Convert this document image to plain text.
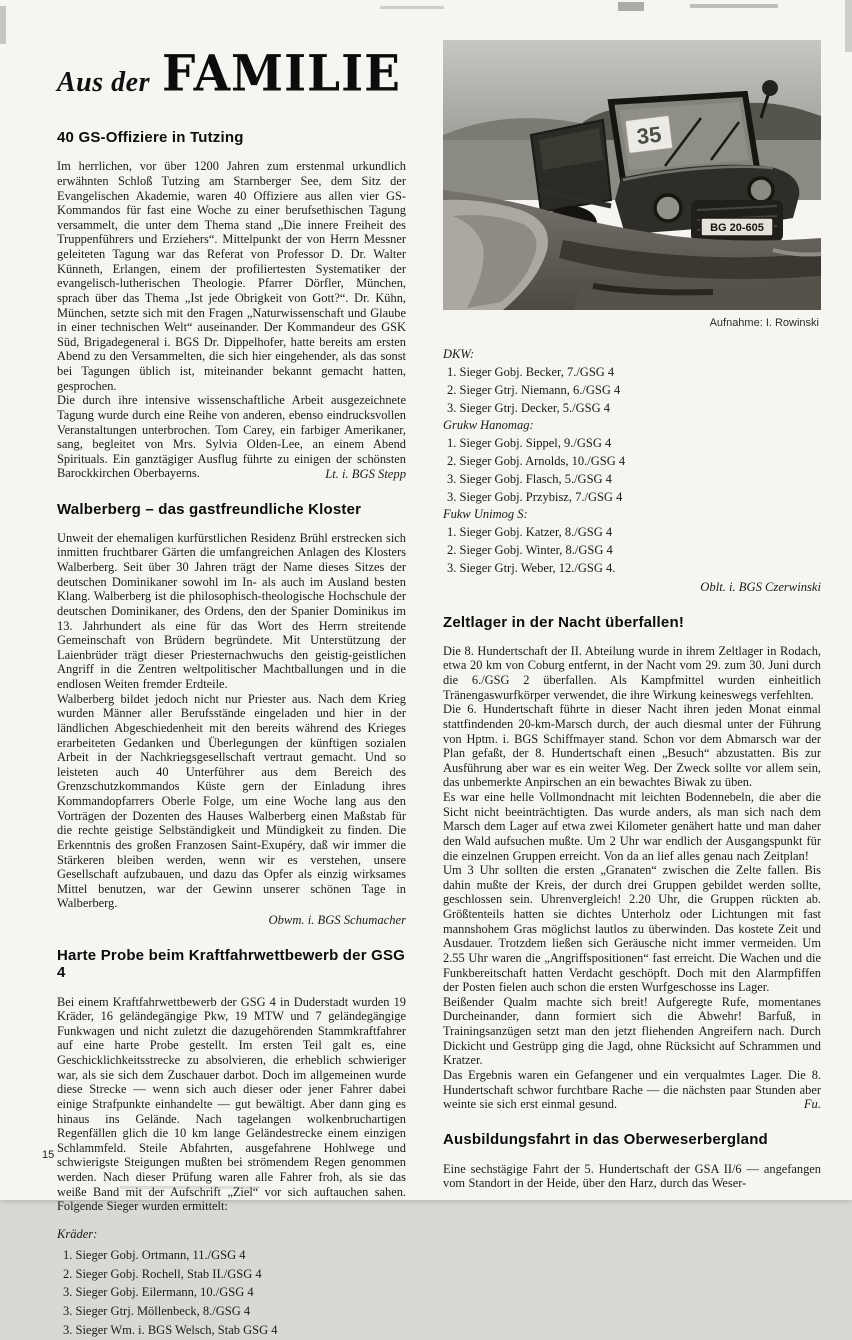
Aus der FAMILIE
40 GS-Offiziere in Tutzing

Im herrlichen, vor über 1200 Jahren zum erstenmal urkundlich erwähnten Schloß Tutzing am Starnberger See, dem Sitz der Evangelischen Akademie, waren 40 Offiziere aus allen vier GS-Kommandos für fast eine Woche zu einer berufsethischen Tagung versammelt, die unter dem Thema stand „Die innere Freiheit des Truppenführers und Erziehers“. Mittelpunkt der von Herrn Messner geleiteten Tagung war das Referat von Professor D. Dr. Walter Künneth, Erlangen, einem der profiliertesten Systematiker der evangelisch-lutherischen Theologie. Pfarrer Dörfler, München, sprach über das Thema „Ist jede Obrigkeit von Gott?“. Dr. Kühn, München, setzte sich mit den Fragen „Naturwissenschaft und Glaube in einer technischen Welt“ auseinander. Der Kommandeur des GSK Süd, Brigadegeneral i. BGS Dr. Dippelhofer, hatte bereits am ersten Abend zu den Versammelten, die sich hier eingehender, als das sonst bei Tagungen üblich ist, miteinander bekannt gemacht hatten, gesprochen.

Die durch ihre intensive wissenschaftliche Arbeit ausgezeichnete Tagung wurde durch eine Reihe von anderen, ebenso eindrucksvollen Veranstaltungen unterbrochen. Tom Carey, ein farbiger Amerikaner, sang, begleitet von Mrs. Sylvia Olden-Lee, an einem Abend Spirituals. Ein ganztägiger Ausflug führte zu einigen der schönsten Barockkirchen Oberbayerns.	Lt. i. BGS Stepp
Walberberg – das gastfreundliche Kloster

Unweit der ehemaligen kurfürstlichen Residenz Brühl erstrecken sich inmitten fruchtbarer Gärten die umfangreichen Anlagen des Klosters Walberberg. Seit über 30 Jahren trägt der Name dieses Sitzes der deutschen Dominikaner sowohl im In- als auch im Ausland besten Klang. Walberberg ist die philosophisch-theologische Hochschule der deutschen Dominikaner, des Ordens, den der Spanier Dominikus im 13. Jahrhundert als eine für das Wort des Herrn streitende Gemeinschaft von Brüdern begründete. Mit Unterstützung der Laienbrüder trägt dieser Priesternachwuchs den geistig-geistlichen Angriff in die Zentren weltpolitischer Machtballungen und in die endlosen Weiten fremder Erdteile.

Walberberg bildet jedoch nicht nur Priester aus. Nach dem Krieg wurden Männer aller Berufsstände eingeladen und hier in der ländlichen Abgeschiedenheit mit den bereits während des Krieges erarbeiteten Gedanken und Überlegungen der künftigen sozialen Arbeit in der Nachkriegsgesellschaft vertraut gemacht. Und so leisteten auch 40 Unterführer aus dem Bereich des Grenzschutzkommandos Küste gern der Einladung ihres Kommandopfarrers Oberle Folge, um eine Woche lang aus den Vorträgen der Dozenten des Hauses Walberberg einen Maßstab für die rechte geistige Selbständigkeit und Mündigkeit zu finden. Die Erkenntnis des großen Franzosen Saint-Exupéry, daß wir immer die Stärkeren bleiben werden, wenn wir es verstehen, unsere Gesellschaft aufzubauen, und dazu das Opfer als einzig wirksames Mittel benutzen, war der Gewinn unserer schönen Tage in Walberberg.

Obwm. i. BGS Schumacher
Harte Probe beim Kraftfahrwettbewerb der GSG 4

Bei einem Kraftfahrwettbewerb der GSG 4 in Duderstadt wurden 19 Kräder, 16 geländegängige Pkw, 19 MTW und 7 geländegängige Funkwagen und nicht zuletzt die dazugehörenden Stammkraftfahrer auf eine harte Probe gestellt. Im ersten Teil galt es, eine Geschicklichkeitsstrecke zu absolvieren, die erheblich schwieriger war, als sie sich dem Zuschauer darbot. Doch im allgemeinen wurde diese Strecke — wenn sich auch dieser oder jener Fahrer dabei einige Strafpunkte einhandelte — gut bewältigt. Aber dann ging es hinaus ins Gelände. Nach tagelangen wolkenbruchartigen Regenfällen glich die 10 km lange Geländestrecke einem einzigen Schlammfeld. Steile Abfahrten, ausgefahrene Hohlwege und schwierigste Steigungen mußten bei strömendem Regen genommen werden. Nach dieser Prüfung waren alle Fahrer froh, als sie das weiße Band mit der Aufschrift „Ziel“ vor sich auftauchen sahen. Folgende Sieger wurden ermittelt:

Kräder:
1. Sieger Gobj. Ortmann, 11./GSG 4
2. Sieger Gobj. Rochell, Stab II./GSG 4
3. Sieger Gobj. Eilermann, 10./GSG 4
3. Sieger Gtrj. Möllenbeck, 8./GSG 4
3. Sieger Wm. i. BGS Welsch, Stab GSG 4
35
BG 20-605
Aufnahme: I. Rowinski
DKW:
1. Sieger Gobj. Becker, 7./GSG 4
2. Sieger Gtrj. Niemann, 6./GSG 4
3. Sieger Gtrj. Decker, 5./GSG 4
Grukw Hanomag:
1. Sieger Gobj. Sippel, 9./GSG 4
2. Sieger Gobj. Arnolds, 10./GSG 4
3. Sieger Gobj. Flasch, 5./GSG 4
3. Sieger Gobj. Przybisz, 7./GSG 4
Fukw Unimog S:
1. Sieger Gobj. Katzer, 8./GSG 4
2. Sieger Gobj. Winter, 8./GSG 4
3. Sieger Gtrj. Weber, 12./GSG 4.
Oblt. i. BGS Czerwinski
Zeltlager in der Nacht überfallen!

Die 8. Hundertschaft der II. Abteilung wurde in ihrem Zeltlager in Rodach, etwa 20 km von Coburg entfernt, in der Nacht vom 29. zum 30. Juni durch die 6./GSG 2 überfallen. Als Kampfmittel wurden einheitlich Tränengaswurfkörper verwendet, die ihre Wirkung keineswegs verfehlten.

Die 6. Hundertschaft führte in dieser Nacht ihren jeden Monat einmal stattfindenden 20-km-Marsch durch, der auch diesmal unter der Führung von Hptm. i. BGS Schiffmayer stand. Schon vor dem Abmarsch war der Plan gefaßt, der 8. Hundertschaft einen „Besuch“ abzustatten. Bis zur Ausführung aber war es ein weiter Weg. Der Zweck sollte vor allem sein, das unbemerkte Anpirschen an ein bewachtes Biwak zu üben.

Es war eine helle Vollmondnacht mit leichten Bodennebeln, die aber die Sicht nicht beeinträchtigten. Das wurde anders, als man sich nach dem Marsch dem Lager auf etwa zwei Kilometer genähert hatte und man daher den Wald aufsuchen mußte. Um 2 Uhr war endlich der Ausgangspunkt für die einzelnen Gruppen erreicht. Von da an lief alles genau nach Zeitplan!

Um 3 Uhr sollten die ersten „Granaten“ zwischen die Zelte fallen. Bis dahin mußte der Kreis, der durch drei Gruppen gebildet werden sollte, geschlossen sein. Uhrenvergleich! 2.20 Uhr, die Gruppen rückten ab. Größtenteils hatten sie dichtes Unterholz oder Lichtungen mit fast mannshohem Gras möglichst lautlos zu überwinden. Das kostete Zeit und Ausdauer. Trotzdem ließen sich Geräusche nicht immer vermeiden. Um 2.55 Uhr waren die „Angriffspositionen“ fast erreicht. Die Wachen und die Funkbereitschaft hatten Verdacht geschöpft. Doch mit den Alarmpfiffen der Posten fielen auch schon die ersten Wurfgeschosse ins Lager.

Beißender Qualm machte sich breit! Aufgeregte Rufe, momentanes Durcheinander, dann formiert sich die Abwehr! Barfuß, in Trainingsanzügen setzt man den jetzt fliehenden Angreifern nach. Durch Dickicht und Gestrüpp ging die Jagd, ohne Rücksicht auf Schrammen und Kratzer.

Das Ergebnis waren ein Gefangener und ein verqualmtes Lager. Die 8. Hundertschaft schwor furchtbare Rache — die nächsten paar Stunden aber weinte sie sich erst einmal gesund.	Fu.
Ausbildungsfahrt in das Oberweserbergland

Eine sechstägige Fahrt der 5. Hundertschaft der GSA II/6 — angefangen vom Standort in der Heide, über den Harz, durch das Weser-

15
